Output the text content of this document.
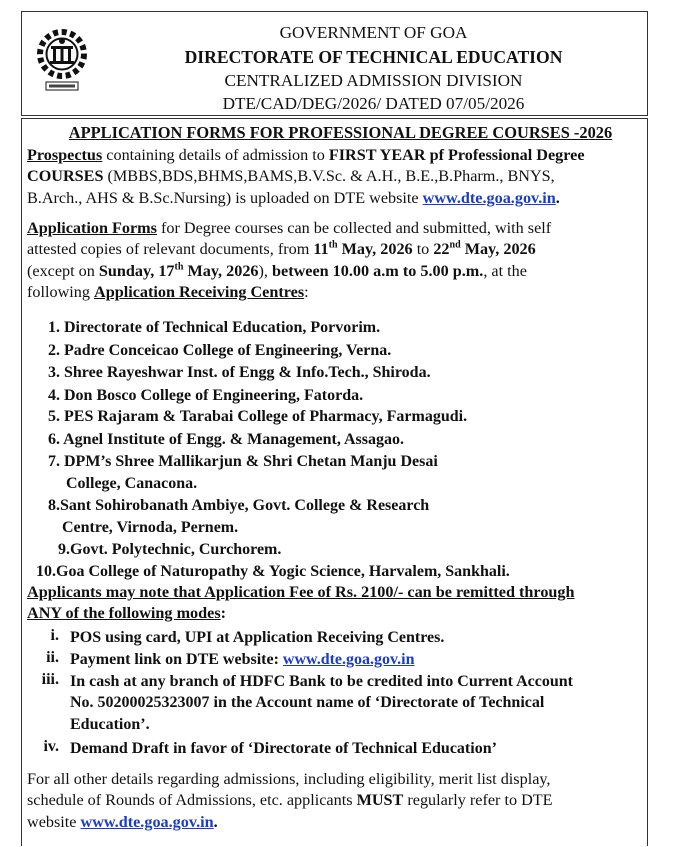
GOVERNMENT OF GOA
DIRECTORATE OF TECHNICAL EDUCATION
CENTRALIZED ADMISSION DIVISION
DTE/CAD/DEG/2026/ DATED 07/05/2026
APPLICATION FORMS FOR PROFESSIONAL DEGREE COURSES -2026
Prospectus containing details of admission to FIRST YEAR pf Professional Degree
COURSES (MBBS,BDS,BHMS,BAMS,B.V.Sc. & A.H., B.E.,B.Pharm., BNYS,
B.Arch., AHS & B.Sc.Nursing) is uploaded on DTE website www.dte.goa.gov.in.
Application Forms for Degree courses can be collected and submitted, with self
attested copies of relevant documents, from 11th May, 2026 to 22nd May, 2026
(except on Sunday, 17th May, 2026), between 10.00 a.m to 5.00 p.m., at the
following Application Receiving Centres:
1. Directorate of Technical Education, Porvorim.
2. Padre Conceicao College of Engineering, Verna.
3. Shree Rayeshwar Inst. of Engg & Info.Tech., Shiroda.
4. Don Bosco College of Engineering, Fatorda.
5. PES Rajaram & Tarabai College of Pharmacy, Farmagudi.
6. Agnel Institute of Engg. & Management, Assagao.
7. DPM’s Shree Mallikarjun & Shri Chetan Manju Desai
College, Canacona.
8.Sant Sohirobanath Ambiye, Govt. College & Research
Centre, Virnoda, Pernem.
9.Govt. Polytechnic, Curchorem.
10.Goa College of Naturopathy & Yogic Science, Harvalem, Sankhali.
Applicants may note that Application Fee of Rs. 2100/- can be remitted through
ANY of the following modes:
i. POS using card, UPI at Application Receiving Centres.
ii. Payment link on DTE website: www.dte.goa.gov.in
iii. In cash at any branch of HDFC Bank to be credited into Current Account
No. 50200025323007 in the Account name of ‘Directorate of Technical
Education’.
iv. Demand Draft in favor of ‘Directorate of Technical Education’
For all other details regarding admissions, including eligibility, merit list display,
schedule of Rounds of Admissions, etc. applicants MUST regularly refer to DTE
website www.dte.goa.gov.in.
